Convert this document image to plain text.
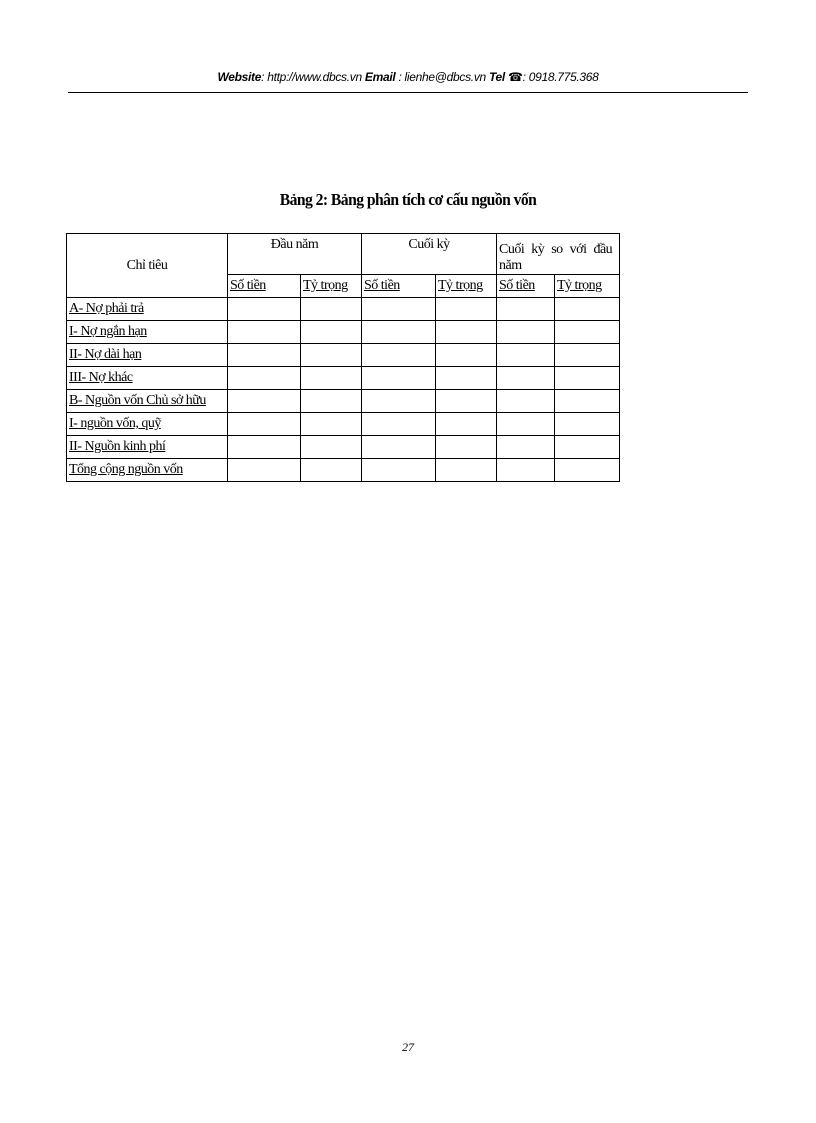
Website: http://www.dbcs.vn Email : lienhe@dbcs.vn Tel ☎: 0918.775.368
Bảng 2: Bảng phân tích cơ cấu nguồn vốn
Chỉ tiêu	Đầu năm		Cuối kỳ		Cuối kỳ so với đầu năm	
	Số tiền	Tỷ trọng	Số tiền	Tỷ trọng	Số tiền	Tỷ trọng
A- Nợ phải trả						
I- Nợ ngắn hạn						
II- Nợ dài hạn						
III- Nợ khác						
B- Nguồn vốn Chủ sở hữu						
I- nguồn vốn, quỹ						
II- Nguồn kinh phí						
Tổng cộng nguồn vốn						
27
